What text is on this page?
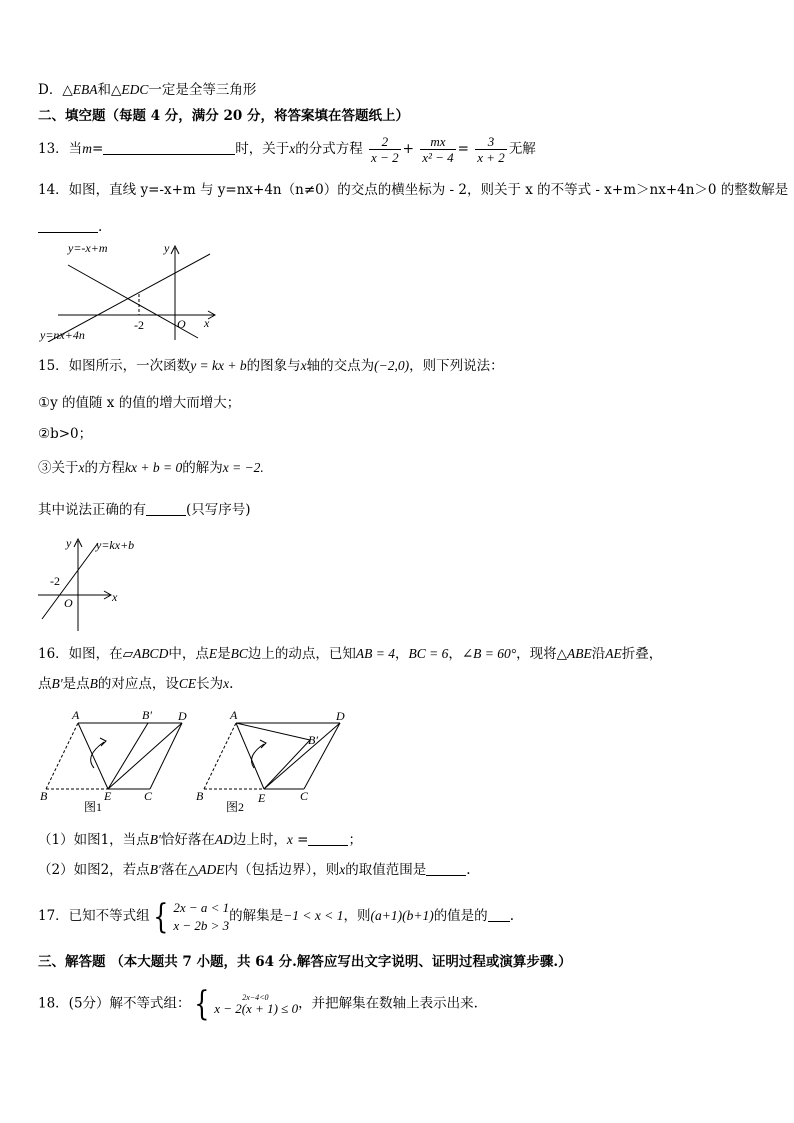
D．△EBA和△EDC一定是全等三角形
二、填空题（每题 4 分，满分 20 分，将答案填在答题纸上）
13．当m=	时，关于x的分式方程 $\frac{2}{x - 2} + \frac{mx}{\text{x² − 4}} = \frac{3}{x + 2}$ 无解
14．如图，直线 y=-x+m 与 y=nx+4n（n≠0）的交点的横坐标为 - 2，则关于 x 的不等式 - x+m＞nx+4n＞0 的整数解是
.
y=-x+m
y=nx+4n
y
x
O
-2
15．如图所示，一次函数y = kx + b的图象与x轴的交点为(−2,0)，则下列说法：
①y 的值随 x 的值的增大而增大；
②b>0；
③关于x的方程kx + b = 0的解为x = −2.
其中说法正确的有	(只写序号)
y y=kx+b
-2
O	x
16．如图，在▱ABCD中，点E是BC边上的动点，已知AB = 4，BC = 6，∠B = 60°，现将△ABE沿AE折叠，
点B'是点B的对应点，设CE长为x.
A	B′ D
B	E	C
图1
A
B′
D
B	E	C
图2
（1）如图1，当点B'恰好落在AD边上时，x =	；
（2）如图2，若点B'落在△ADE内（包括边界），则x的取值范围是	.
17．已知不等式组 { 2x − a < 1
x − 2b > 3
的解集是−1 < x < 1，则(a+1)(b+1)的值是的 .
三、解答题 （本大题共 7 小题，共 64 分.解答应写出文字说明、证明过程或演算步骤.）
18．(5分）解不等式组： {	2x−4<0
x − 2(x + 1) ≤ 0 ，并把解集在数轴上表示出来.
